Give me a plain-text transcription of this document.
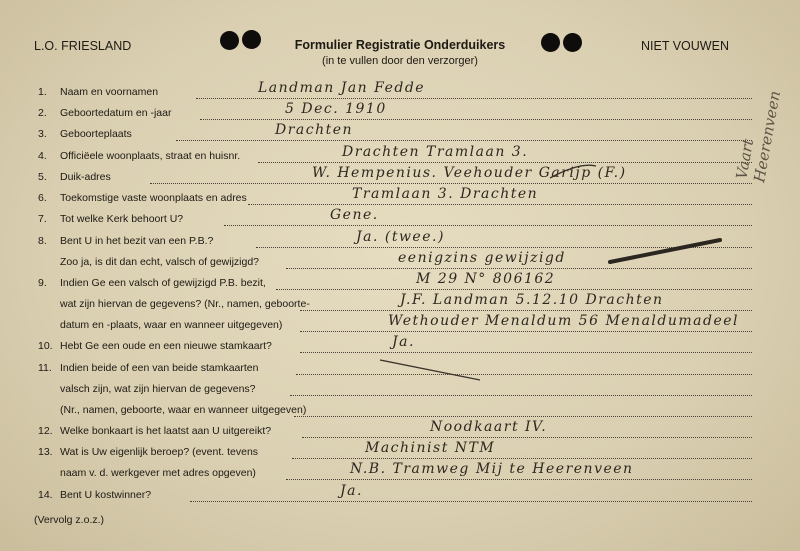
L.O. FRIESLAND	Formulier Registratie Onderduikers
(in te vullen door den verzorger)
NIET VOUWEN
1. Naam en voornamen	Landman Jan Fedde
2. Geboortedatum en -jaar	5 Dec. 1910
3. Geboorteplaats	Drachten
4. Officiëele woonplaats, straat en huisnr.	Drachten Tramlaan 3.
5. Duik-adres	W. Hempenius. Veehouder Garijp (F.)
6. Toekomstige vaste woonplaats en adres	Tramlaan 3. Drachten
7. Tot welke Kerk behoort U?	Gene.
8. Bent U in het bezit van een P.B.?	Ja. (twee.)
Zoo ja, is dit dan echt, valsch of gewijzigd?	eenigzins gewijzigd
9. Indien Ge een valsch of gewijzigd P.B. bezit,	M 29 N° 806162
wat zijn hiervan de gegevens? (Nr., namen, geboorte-	J.F. Landman 5.12.10 Drachten
datum en -plaats, waar en wanneer uitgegeven)	Wethouder Menaldum 56 Menaldumadeel
10. Hebt Ge een oude en een nieuwe stamkaart?	Ja.
11. Indien beide of een van beide stamkaarten
valsch zijn, wat zijn hiervan de gegevens?
(Nr., namen, geboorte, waar en wanneer uitgegeven)
12. Welke bonkaart is het laatst aan U uitgereikt?	Noodkaart IV.
13. Wat is Uw eigenlijk beroep? (event. tevens	Machinist NTM
naam v. d. werkgever met adres opgeven)	N.B. Tramweg Mij te Heerenveen
14. Bent U kostwinner?	Ja.
Vaart Heerenveen
(Vervolg z.o.z.)
